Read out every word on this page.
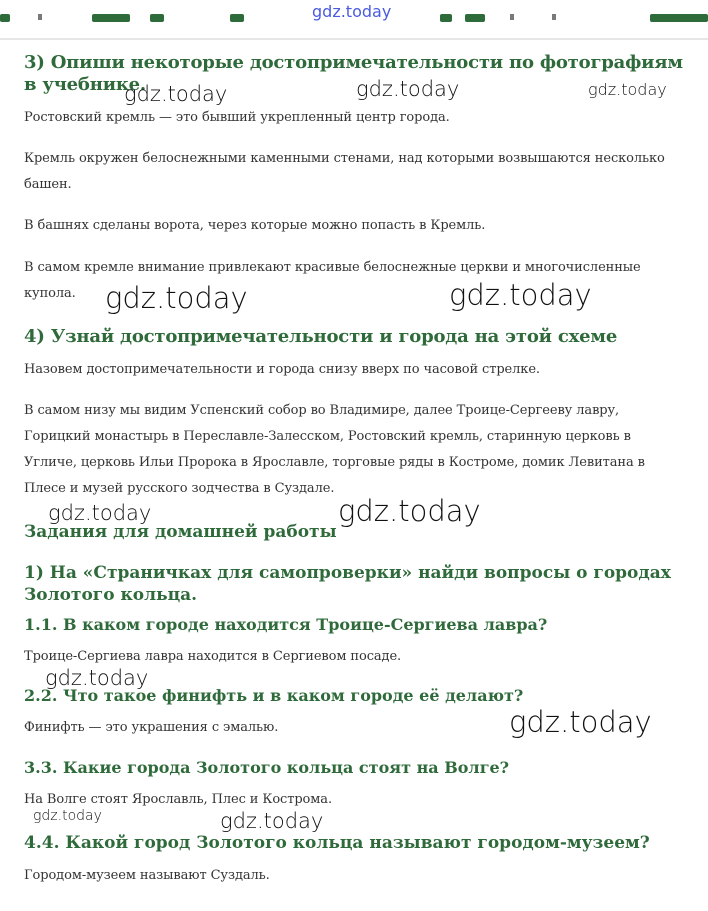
gdz.today
3) Опиши некоторые достопримечательности по фотографиям в учебнике.

Ростовский кремль — это бывший укрепленный центр города.

Кремль окружен белоснежными каменными стенами, над которыми возвышаются несколько башен.

В башнях сделаны ворота, через которые можно попасть в Кремль.

В самом кремле внимание привлекают красивые белоснежные церкви и многочисленные купола.

4) Узнай достопримечательности и города на этой схеме

Назовем достопримечательности и города снизу вверх по часовой стрелке.

В самом низу мы видим Успенский собор во Владимире, далее Троице-Сергееву лавру, Горицкий монастырь в Переславле-Залесском, Ростовский кремль, старинную церковь в Угличе, церковь Ильи Пророка в Ярославле, торговые ряды в Костроме, домик Левитана в Плесе и музей русского зодчества в Суздале.

Задания для домашней работы
1) На «Страничках для самопроверки» найди вопросы о городах Золотого кольца.
1.1. В каком городе находится Троице-Сергиева лавра?

Троице-Сергиева лавра находится в Сергиевом посаде.

2.2. Что такое финифть и в каком городе её делают?

Финифть — это украшения с эмалью.

3.3. Какие города Золотого кольца стоят на Волге?

На Волге стоят Ярославль, Плес и Кострома.

4.4. Какой город Золотого кольца называют городом-музеем?

Городом-музеем называют Суздаль.

gdz.today	gdz.today	gdz.today
gdz.today	gdz.today
gdz.today	gdz.today
gdz.today
gdz.today
gdz.today	gdz.today
